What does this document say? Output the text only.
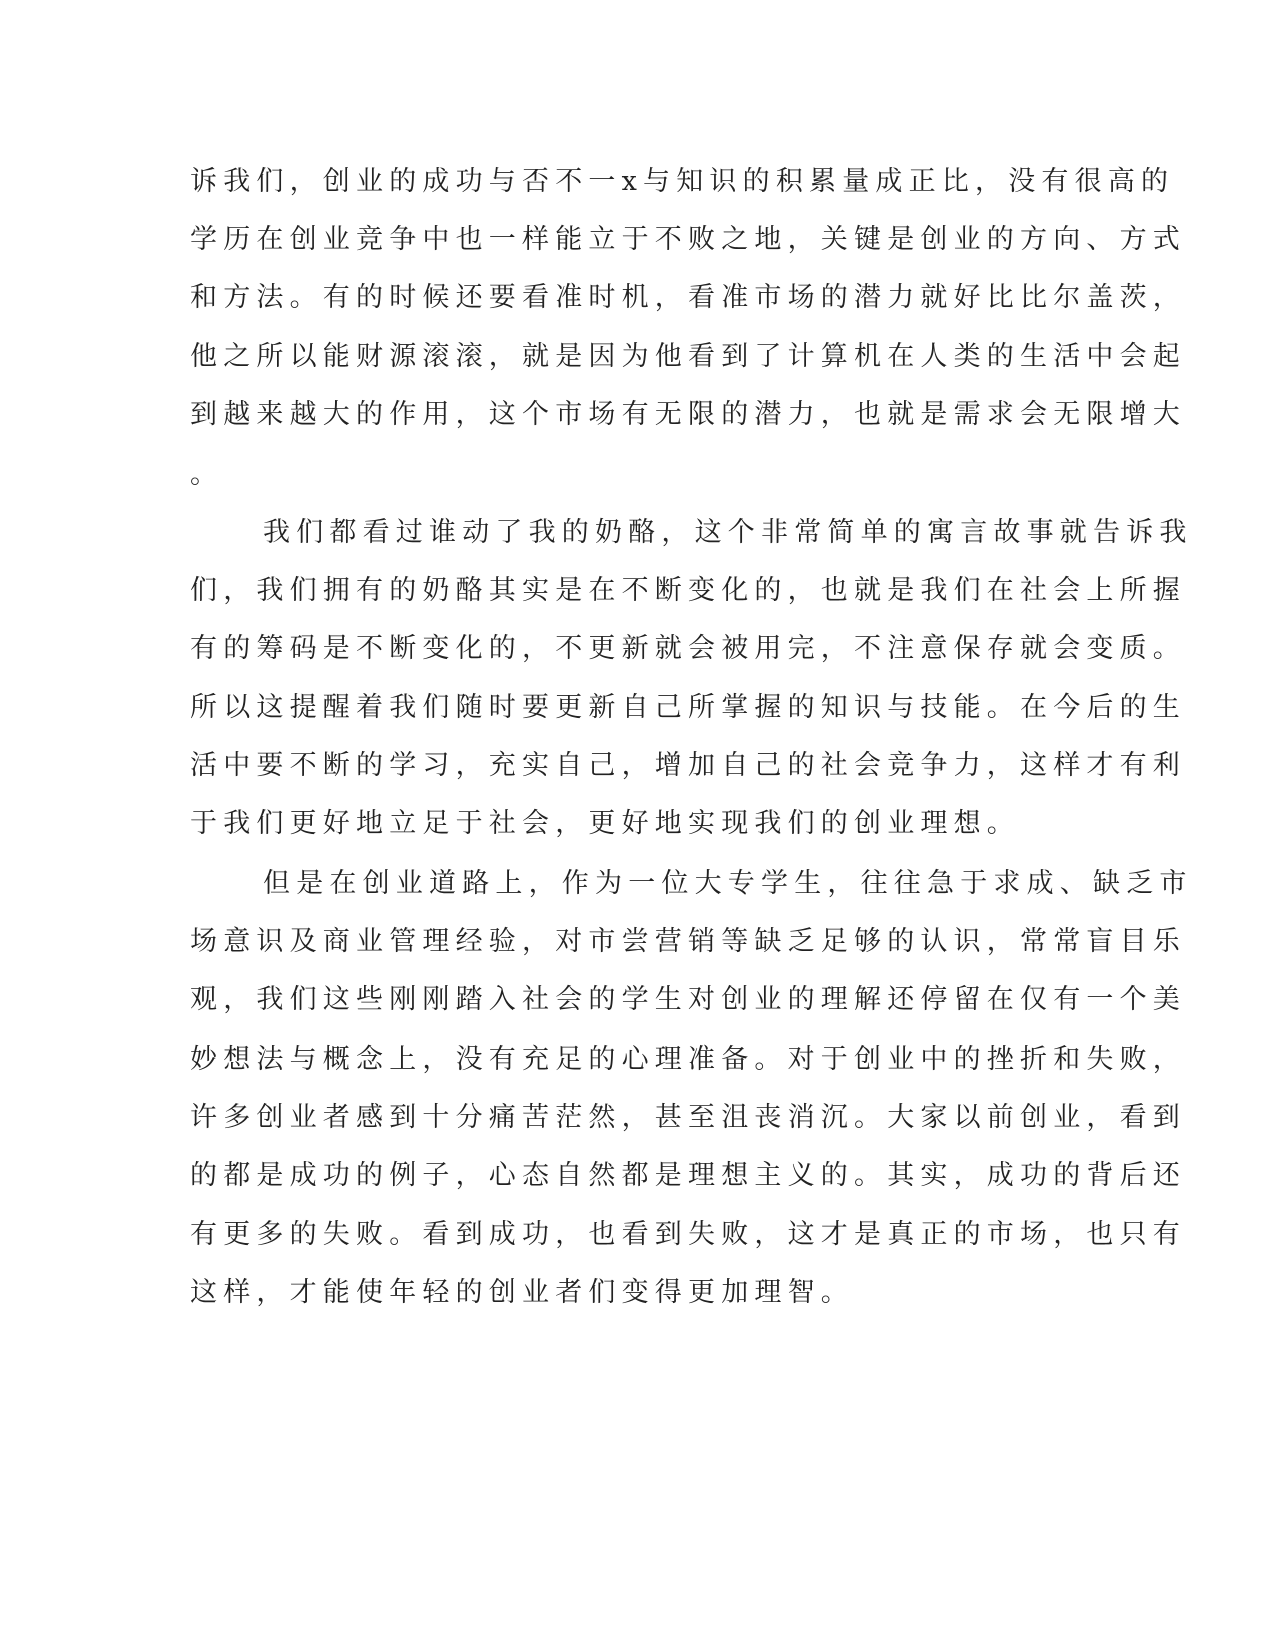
诉我们，创业的成功与否不一x与知识的积累量成正比，没有很高的
学历在创业竞争中也一样能立于不败之地，关键是创业的方向、方式
和方法。有的时候还要看准时机，看准市场的潜力就好比比尔盖茨，
他之所以能财源滚滚，就是因为他看到了计算机在人类的生活中会起
到越来越大的作用，这个市场有无限的潜力，也就是需求会无限增大
。
我们都看过谁动了我的奶酪，这个非常简单的寓言故事就告诉我
们，我们拥有的奶酪其实是在不断变化的，也就是我们在社会上所握
有的筹码是不断变化的，不更新就会被用完，不注意保存就会变质。
所以这提醒着我们随时要更新自己所掌握的知识与技能。在今后的生
活中要不断的学习，充实自己，增加自己的社会竞争力，这样才有利
于我们更好地立足于社会，更好地实现我们的创业理想。
但是在创业道路上，作为一位大专学生，往往急于求成、缺乏市
场意识及商业管理经验，对市尝营销等缺乏足够的认识，常常盲目乐
观，我们这些刚刚踏入社会的学生对创业的理解还停留在仅有一个美
妙想法与概念上，没有充足的心理准备。对于创业中的挫折和失败，
许多创业者感到十分痛苦茫然，甚至沮丧消沉。大家以前创业，看到
的都是成功的例子，心态自然都是理想主义的。其实，成功的背后还
有更多的失败。看到成功，也看到失败，这才是真正的市场，也只有
这样，才能使年轻的创业者们变得更加理智。
